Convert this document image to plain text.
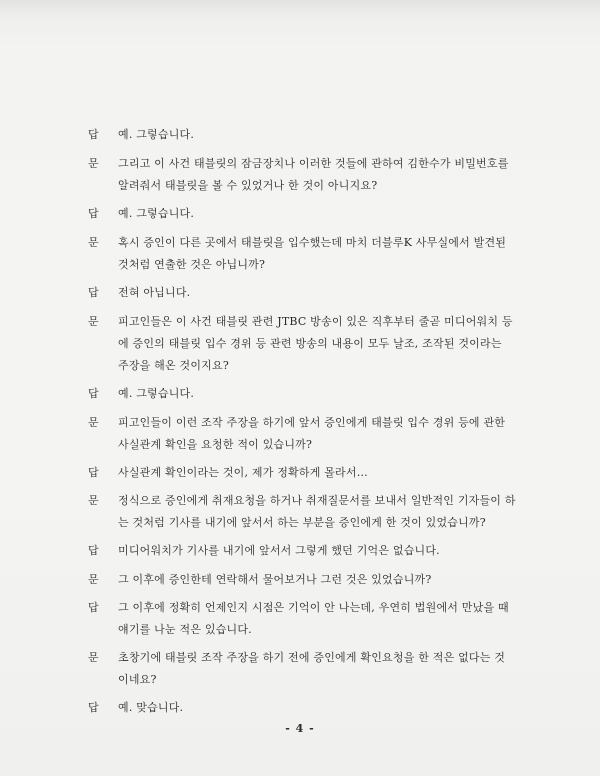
답 예. 그렇습니다.
문 그리고 이 사건 태블릿의 잠금장치나 이러한 것들에 관하여 김한수가 비밀번호를
알려줘서 태블릿을 볼 수 있었거나 한 것이 아니지요?
답 예. 그렇습니다.
문 혹시 증인이 다른 곳에서 태블릿을 입수했는데 마치 더블루K 사무실에서 발견된
것처럼 연출한 것은 아닙니까?
답 전혀 아닙니다.
문 피고인들은 이 사건 태블릿 관련 JTBC 방송이 있은 직후부터 줄곧 미디어워치 등
에 증인의 태블릿 입수 경위 등 관련 방송의 내용이 모두 날조, 조작된 것이라는
주장을 해온 것이지요?
답 예. 그렇습니다.
문 피고인들이 이런 조작 주장을 하기에 앞서 증인에게 태블릿 입수 경위 등에 관한
사실관계 확인을 요청한 적이 있습니까?
답 사실관계 확인이라는 것이, 제가 정확하게 몰라서…
문 정식으로 증인에게 취재요청을 하거나 취재질문서를 보내서 일반적인 기자들이 하
는 것처럼 기사를 내기에 앞서서 하는 부분을 증인에게 한 것이 있었습니까?
답 미디어워치가 기사를 내기에 앞서서 그렇게 했던 기억은 없습니다.
문 그 이후에 증인한테 연락해서 물어보거나 그런 것은 있었습니까?
답 그 이후에 정확히 언제인지 시점은 기억이 안 나는데, 우연히 법원에서 만났을 때
얘기를 나눈 적은 있습니다.
문 초창기에 태블릿 조작 주장을 하기 전에 증인에게 확인요청을 한 적은 없다는 것
이네요?
답 예. 맞습니다.
- 4 -
